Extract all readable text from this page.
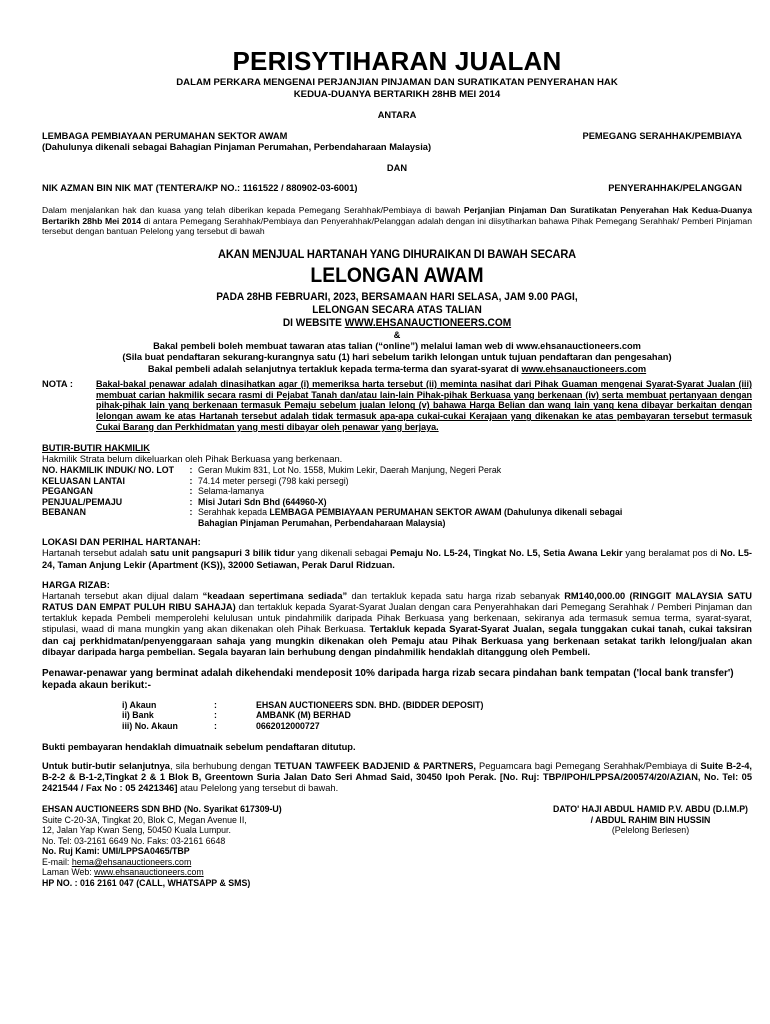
PERISYTIHARAN JUALAN
DALAM PERKARA MENGENAI PERJANJIAN PINJAMAN DAN SURATIKATAN PENYERAHAN HAK
KEDUA-DUANYA BERTARIKH 28HB MEI 2014
ANTARA
LEMBAGA PEMBIAYAAN PERUMAHAN SEKTOR AWAM
(Dahulunya dikenali sebagai Bahagian Pinjaman Perumahan, Perbendaharaan Malaysia)
PEMEGANG SERAHHAK/PEMBIAYA
DAN
NIK AZMAN BIN NIK MAT (TENTERA/KP NO.: 1161522 / 880902-03-6001)	PENYERAHHAK/PELANGGAN

Dalam menjalankan hak dan kuasa yang telah diberikan kepada Pemegang Serahhak/Pembiaya di bawah Perjanjian Pinjaman Dan Suratikatan Penyerahan Hak Kedua-Duanya Bertarikh 28hb Mei 2014 di antara Pemegang Serahhak/Pembiaya dan Penyerahhak/Pelanggan adalah dengan ini diisytiharkan bahawa Pihak Pemegang Serahhak/ Pemberi Pinjaman tersebut dengan bantuan Pelelong yang tersebut di bawah

AKAN MENJUAL HARTANAH YANG DIHURAIKAN DI BAWAH SECARA
LELONGAN AWAM
PADA 28HB FEBRUARI, 2023, BERSAMAAN HARI SELASA, JAM 9.00 PAGI,
LELONGAN SECARA ATAS TALIAN
DI WEBSITE WWW.EHSANAUCTIONEERS.COM
&
Bakal pembeli boleh membuat tawaran atas talian (“online”) melalui laman web di www.ehsanauctioneers.com
(Sila buat pendaftaran sekurang-kurangnya satu (1) hari sebelum tarikh lelongan untuk tujuan pendaftaran dan pengesahan)
Bakal pembeli adalah selanjutnya tertakluk kepada terma-terma dan syarat-syarat di www.ehsanauctioneers.com
NOTA :	Bakal-bakal penawar adalah dinasihatkan agar (i) memeriksa harta tersebut (ii) meminta nasihat dari Pihak Guaman mengenai Syarat-Syarat Jualan (iii) membuat carian hakmilik secara rasmi di Pejabat Tanah dan/atau lain-lain Pihak-pihak Berkuasa yang berkenaan (iv) serta membuat pertanyaan dengan pihak-pihak lain yang berkenaan termasuk Pemaju sebelum jualan lelong (v) bahawa Harga Belian dan wang lain yang kena dibayar berkaitan dengan lelongan awam ke atas Hartanah tersebut adalah tidak termasuk apa-apa cukai-cukai Kerajaan yang dikenakan ke atas pembayaran tersebut termasuk Cukai Barang dan Perkhidmatan yang mesti dibayar oleh penawar yang berjaya.
BUTIR-BUTIR HAKMILIK
Hakmilik Strata belum dikeluarkan oleh Pihak Berkuasa yang berkenaan.
NO. HAKMILIK INDUK/ NO. LOT	:	Geran Mukim 831, Lot No. 1558, Mukim Lekir, Daerah Manjung, Negeri Perak
KELUASAN LANTAI	:	74.14 meter persegi (798 kaki persegi)
PEGANGAN	:	Selama-lamanya
PENJUAL/PEMAJU	:	Misi Jutari Sdn Bhd (644960-X)
BEBANAN	:	Serahhak kepada LEMBAGA PEMBIAYAAN PERUMAHAN SEKTOR AWAM (Dahulunya dikenali sebagai Bahagian Pinjaman Perumahan, Perbendaharaan Malaysia)
LOKASI DAN PERIHAL HARTANAH:

Hartanah tersebut adalah satu unit pangsapuri 3 bilik tidur yang dikenali sebagai Pemaju No. L5-24, Tingkat No. L5, Setia Awana Lekir yang beralamat pos di No. L5-24, Taman Anjung Lekir (Apartment (KS)), 32000 Setiawan, Perak Darul Ridzuan.

HARGA RIZAB:

Hartanah tersebut akan dijual dalam “keadaan sepertimana sediada” dan tertakluk kepada satu harga rizab sebanyak RM140,000.00 (RINGGIT MALAYSIA SATU RATUS DAN EMPAT PULUH RIBU SAHAJA) dan tertakluk kepada Syarat-Syarat Jualan dengan cara Penyerahhakan dari Pemegang Serahhak / Pemberi Pinjaman dan tertakluk kepada Pembeli memperolehi kelulusan untuk pindahmilik daripada Pihak Berkuasa yang berkenaan, sekiranya ada termasuk semua terma, syarat-syarat, stipulasi, waad di mana mungkin yang akan dikenakan oleh Pihak Berkuasa. Tertakluk kepada Syarat-Syarat Jualan, segala tunggakan cukai tanah, cukai taksiran dan caj perkhidmatan/penyenggaraan sahaja yang mungkin dikenakan oleh Pemaju atau Pihak Berkuasa yang berkenaan setakat tarikh lelong/jualan akan dibayar daripada harga pembelian. Segala bayaran lain berhubung dengan pindahmilik hendaklah ditanggung oleh Pembeli.

Penawar-penawar yang berminat adalah dikehendaki mendeposit 10% daripada harga rizab secara pindahan bank tempatan ('local bank transfer') kepada akaun berikut:-

i) Akaun	:	EHSAN AUCTIONEERS SDN. BHD. (BIDDER DEPOSIT)
ii) Bank	:	AMBANK (M) BERHAD
iii) No. Akaun	:	0662012000727
Bukti pembayaran hendaklah dimuatnaik sebelum pendaftaran ditutup.

Untuk butir-butir selanjutnya, sila berhubung dengan TETUAN TAWFEEK BADJENID & PARTNERS, Peguamcara bagi Pemegang Serahhak/Pembiaya di Suite B-2-4, B-2-2 & B-1-2,Tingkat 2 & 1 Blok B, Greentown Suria Jalan Dato Seri Ahmad Said, 30450 Ipoh Perak. [No. Ruj: TBP/IPOH/LPPSA/200574/20/AZIAN, No. Tel: 05 2421544 / Fax No : 05 2421346] atau Pelelong yang tersebut di bawah.

EHSAN AUCTIONEERS SDN BHD (No. Syarikat 617309-U)
Suite C-20-3A, Tingkat 20, Blok C, Megan Avenue II,
12, Jalan Yap Kwan Seng, 50450 Kuala Lumpur.
No. Tel: 03-2161 6649 No. Faks: 03-2161 6648
No. Ruj Kami: UMI/LPPSA0465/TBP
E-mail: hema@ehsanauctioneers.com
Laman Web: www.ehsanauctioneers.com
HP NO. : 016 2161 047 (CALL, WHATSAPP & SMS)
DATO' HAJI ABDUL HAMID P.V. ABDU (D.I.M.P)
/ ABDUL RAHIM BIN HUSSIN
(Pelelong Berlesen)
